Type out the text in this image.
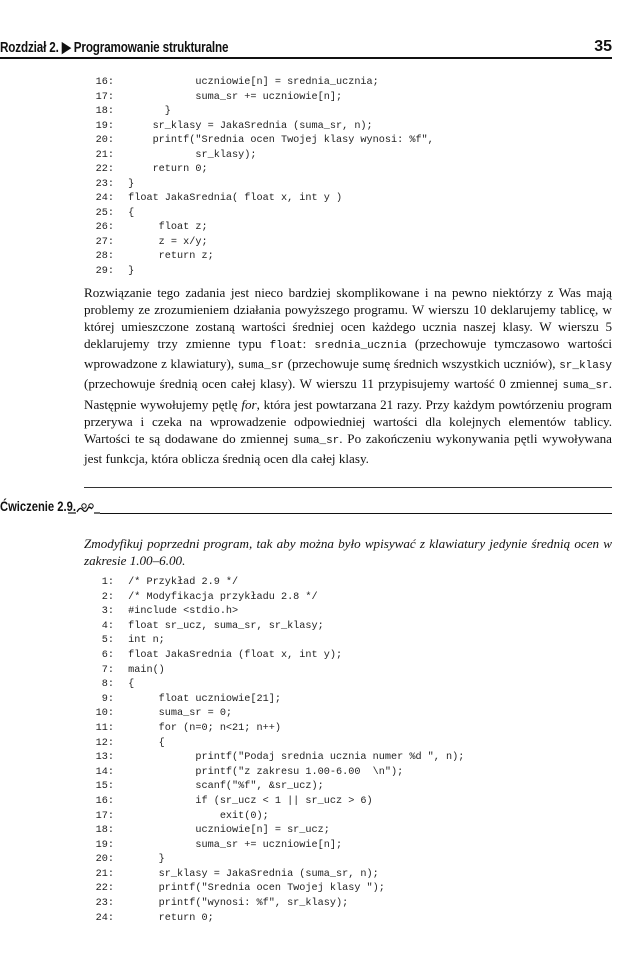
Rozdział 2. ▶ Programowanie strukturalne	35
16:            uczniowie[n] = srednia_ucznia;
17:            suma_sr += uczniowie[n];
18:       }
19:     sr_klasy = JakaSrednia (suma_sr, n);
20:     printf("Srednia ocen Twojej klasy wynosi: %f",
21:            sr_klasy);
22:     return 0;
23: }
24: float JakaSrednia( float x, int y )
25: {
26:      float z;
27:      z = x/y;
28:      return z;
29: }

Rozwiązanie tego zadania jest nieco bardziej skomplikowane i na pewno niektórzy z Was mają problemy ze zrozumieniem działania powyższego programu. W wierszu 10 deklarujemy tablicę, w której umieszczone zostaną wartości średniej ocen każdego ucznia naszej klasy. W wierszu 5 deklarujemy trzy zmienne typu float: srednia_ucznia (przechowuje tymczasowo wartości wprowadzone z klawiatury), suma_sr (przechowuje sumę średnich wszystkich uczniów), sr_klasy (przechowuje średnią ocen całej klasy). W wierszu 11 przypisujemy wartość 0 zmiennej suma_sr. Następnie wywołujemy pętlę for, która jest powtarzana 21 razy. Przy każdym powtórzeniu program przerywa i czeka na wprowadzenie odpowiedniej wartości dla kolejnych elementów tablicy. Wartości te są dodawane do zmiennej suma_sr. Po zakończeniu wykonywania pętli wywoływana jest funkcja, która oblicza średnią ocen dla całej klasy.

Ćwiczenie 2.9.

Zmodyfikuj poprzedni program, tak aby można było wpisywać z klawiatury jedynie średnią ocen w zakresie 1.00–6.00.

1: /* Przykład 2.9 */
2: /* Modyfikacja przykładu 2.8 */
3: #include <stdio.h>
4: float sr_ucz, suma_sr, sr_klasy;
5: int n;
6: float JakaSrednia (float x, int y);
7: main()
8: {
9:      float uczniowie[21];
10:      suma_sr = 0;
11:      for (n=0; n<21; n++)
12:      {
13:            printf("Podaj srednia ucznia numer %d ", n);
14:            printf("z zakresu 1.00-6.00  \n");
15:            scanf("%f", &sr_ucz);
16:            if (sr_ucz < 1 || sr_ucz > 6)
17:                exit(0);
18:            uczniowie[n] = sr_ucz;
19:            suma_sr += uczniowie[n];
20:      }
21:      sr_klasy = JakaSrednia (suma_sr, n);
22:      printf("Srednia ocen Twojej klasy ");
23:      printf("wynosi: %f", sr_klasy);
24:      return 0;
